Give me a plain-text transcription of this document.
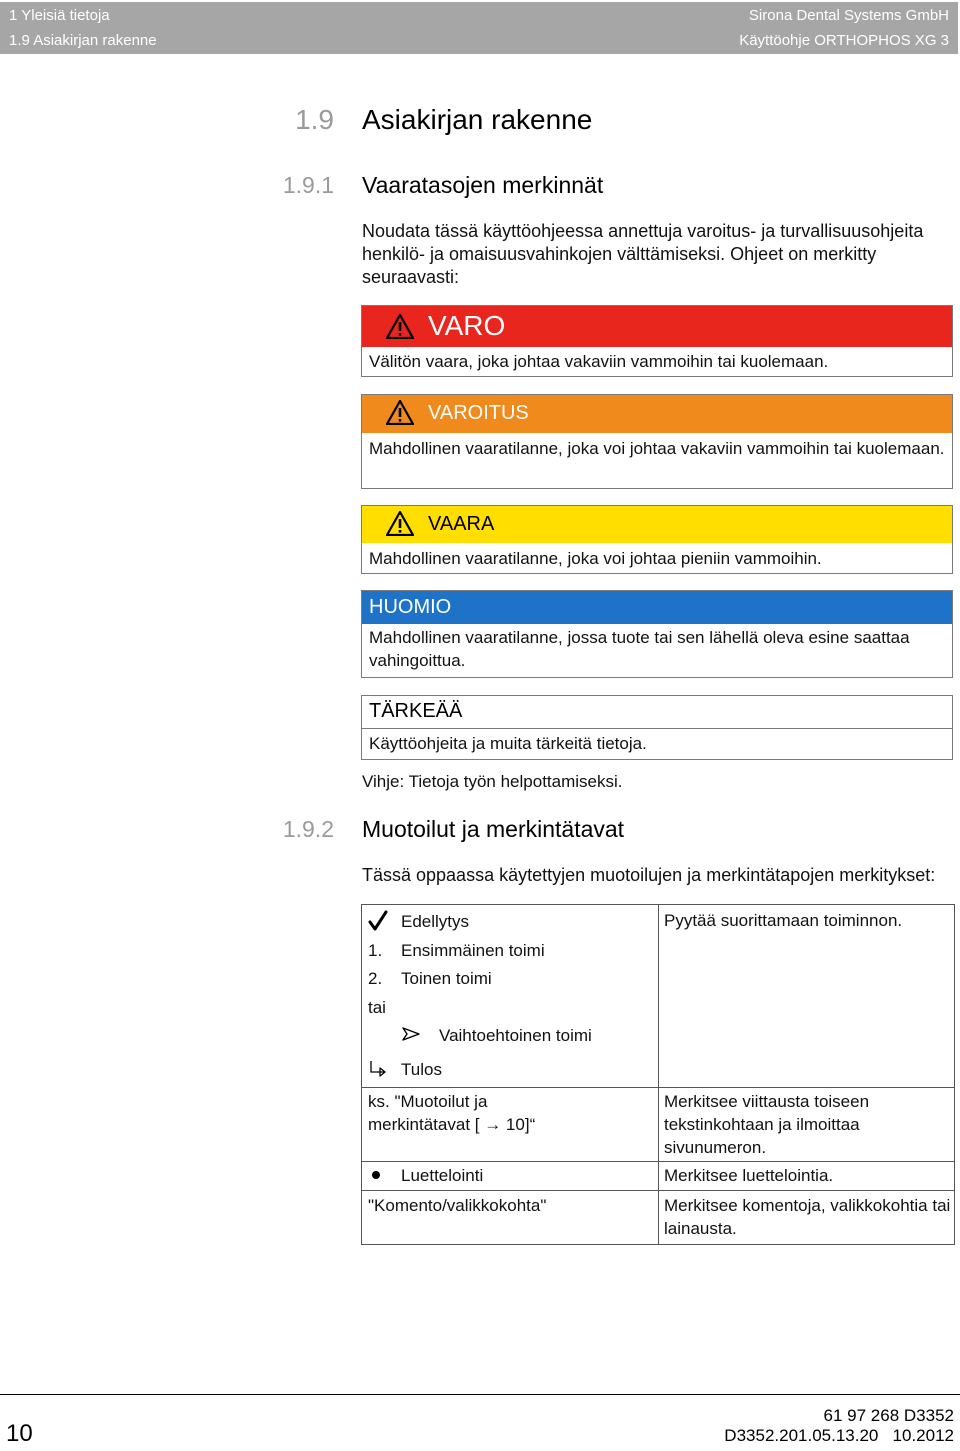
1 Yleisiä tietoja
1.9 Asiakirjan rakenne
Sirona Dental Systems GmbH
Käyttöohje ORTHOPHOS XG 3
1.9 Asiakirjan rakenne
1.9.1 Vaaratasojen merkinnät
Noudata tässä käyttöohjeessa annettuja varoitus- ja turvallisuusohjeita henkilö- ja omaisuusvahinkojen välttämiseksi. Ohjeet on merkitty seuraavasti:
VARO
Välitön vaara, joka johtaa vakaviin vammoihin tai kuolemaan.
VAROITUS
Mahdollinen vaaratilanne, joka voi johtaa vakaviin vammoihin tai kuolemaan.
VAARA
Mahdollinen vaaratilanne, joka voi johtaa pieniin vammoihin.
HUOMIO
Mahdollinen vaaratilanne, jossa tuote tai sen lähellä oleva esine saattaa vahingoittua.
TÄRKEÄÄ
Käyttöohjeita ja muita tärkeitä tietoja.
Vihje: Tietoja työn helpottamiseksi.
1.9.2 Muotoilut ja merkintätavat
Tässä oppaassa käytettyjen muotoilujen ja merkintätapojen merkitykset:
Edellytys
1. Ensimmäinen toimi
2. Toinen toimi
tai
Vaihtoehtoinen toimi
Tulos
Pyytää suorittamaan toiminnon.
ks. "Muotoilut ja
merkintätavat [ → 10]“
Merkitsee viittausta toiseen tekstinkohtaan ja ilmoittaa sivunumeron.
Luettelointi	Merkitsee luettelointia.
"Komento/valikkokohta"	Merkitsee komentoja, valikkokohtia tai lainausta.
10
61 97 268 D3352
D3352.201.05.13.20   10.2012
